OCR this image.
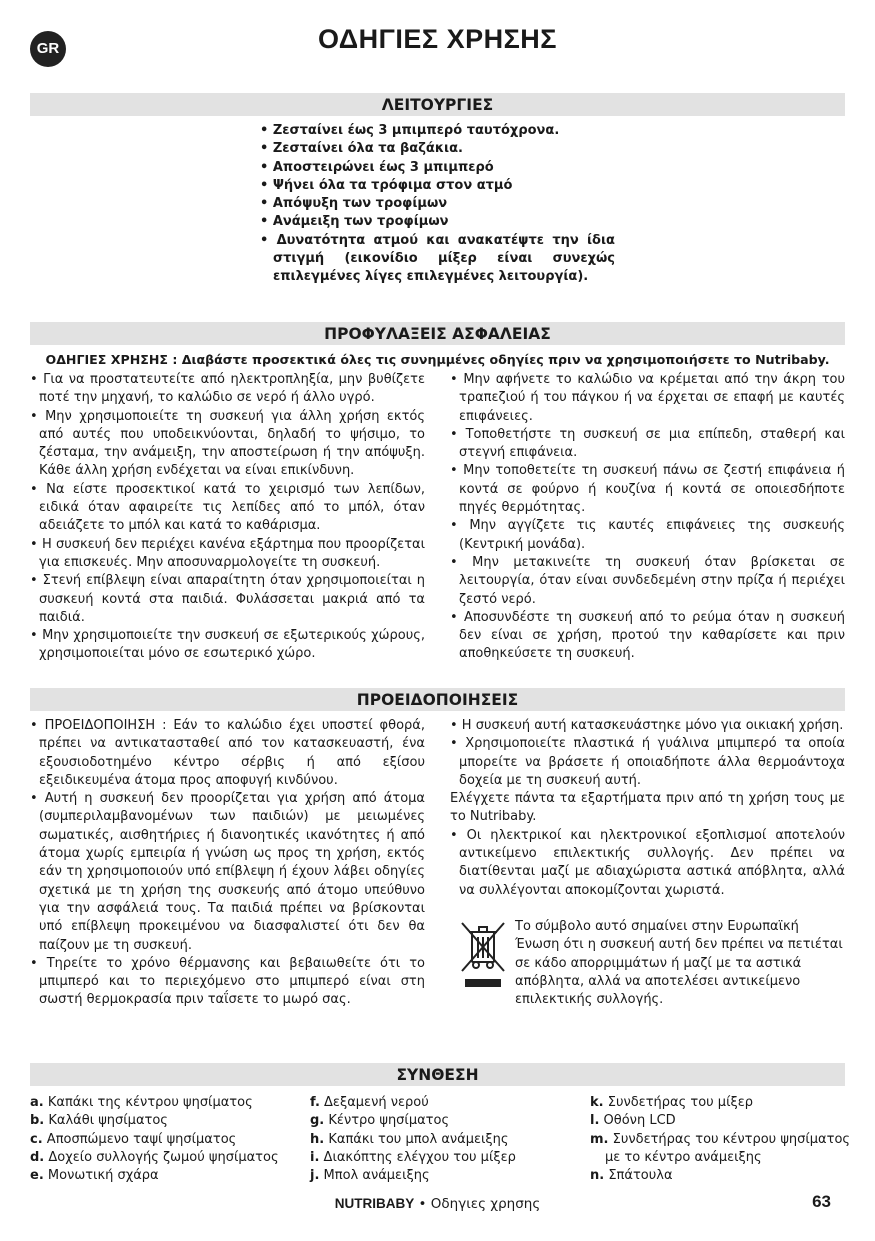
GR	ΟΔΗΓΙΕΣ ΧΡΗΣΗΣ
ΛΕΙΤΟΥΡΓΙΕΣ
• Ζεσταίνει έως 3 μπιμπερό ταυτόχρονα.
• Ζεσταίνει όλα τα βαζάκια.
• Αποστειρώνει έως 3 μπιμπερό
• Ψήνει όλα τα τρόφιμα στον ατμό
• Απόψυξη των τροφίμων
• Ανάμειξη των τροφίμων
• Δυνατότητα ατμού και ανακατέψτε την ίδια στιγμή (εικονίδιο μίξερ είναι συνεχώς επιλεγμένες λίγες επιλεγμένες λειτουργία).
ΠΡΟΦΥΛΑΞΕΙΣ ΑΣΦΑΛΕΙΑΣ
ΟΔΗΓΙΕΣ ΧΡΗΣΗΣ : Διαβάστε προσεκτικά όλες τις συνημμένες οδηγίες πριν να χρησιμοποιήσετε το Nutribaby.
• Για να προστατευτείτε από ηλεκτροπληξία, μην βυθίζετε ποτέ την μηχανή, το καλώδιο σε νερό ή άλλο υγρό.
• Μην χρησιμοποιείτε τη συσκευή για άλλη χρήση εκτός από αυτές που υποδεικνύονται, δηλαδή το ψήσιμο, το ζέσταμα, την ανάμειξη, την αποστείρωση ή την απόψυξη. Κάθε άλλη χρήση ενδέχεται να είναι επικίνδυνη.
• Να είστε προσεκτικοί κατά το χειρισμό των λεπίδων, ειδικά όταν αφαιρείτε τις λεπίδες από το μπόλ, όταν αδειάζετε το μπόλ και κατά το καθάρισμα.
• Η συσκευή δεν περιέχει κανένα εξάρτημα που προορίζεται για επισκευές. Μην αποσυναρμολογείτε τη συσκευή.
• Στενή επίβλεψη είναι απαραίτητη όταν χρησιμοποιείται η συσκευή κοντά στα παιδιά. Φυλάσσεται μακριά από τα παιδιά.
• Μην χρησιμοποιείτε την συσκευή σε εξωτερικούς χώρους, χρησιμοποιείται μόνο σε εσωτερικό χώρο.
• Μην αφήνετε το καλώδιο να κρέμεται από την άκρη του τραπεζιού ή του πάγκου ή να έρχεται σε επαφή με καυτές επιφάνειες.
• Τοποθετήστε τη συσκευή σε μια επίπεδη, σταθερή και στεγνή επιφάνεια.
• Μην τοποθετείτε τη συσκευή πάνω σε ζεστή επιφάνεια ή κοντά σε φούρνο ή κουζίνα ή κοντά σε οποιεσδήποτε πηγές θερμότητας.
• Μην αγγίζετε τις καυτές επιφάνειες της συσκευής (Κεντρική μονάδα).
• Μην μετακινείτε τη συσκευή όταν βρίσκεται σε λειτουργία, όταν είναι συνδεδεμένη στην πρίζα ή περιέχει ζεστό νερό.
• Αποσυνδέστε τη συσκευή από το ρεύμα όταν η συσκευή δεν είναι σε χρήση, προτού την καθαρίσετε και πριν αποθηκεύσετε τη συσκευή.
ΠΡΟΕΙΔΟΠΟΙΗΣΕΙΣ
• ΠΡΟΕΙΔΟΠΟΙΗΣΗ : Εάν το καλώδιο έχει υποστεί φθορά, πρέπει να αντικατασταθεί από τον κατασκευαστή, ένα εξουσιοδοτημένο κέντρο σέρβις ή από εξίσου εξειδικευμένα άτομα προς αποφυγή κινδύνου.
• Αυτή η συσκευή δεν προορίζεται για χρήση από άτομα (συμπεριλαμβανομένων των παιδιών) με μειωμένες σωματικές, αισθητήριες ή διανοητικές ικανότητες ή από άτομα χωρίς εμπειρία ή γνώση ως προς τη χρήση, εκτός εάν τη χρησιμοποιούν υπό επίβλεψη ή έχουν λάβει οδηγίες σχετικά με τη χρήση της συσκευής από άτομο υπεύθυνο για την ασφάλειά τους. Τα παιδιά πρέπει να βρίσκονται υπό επίβλεψη προκειμένου να διασφαλιστεί ότι δεν θα παίζουν με τη συσκευή.
• Τηρείτε το χρόνο θέρμανσης και βεβαιωθείτε ότι το μπιμπερό και το περιεχόμενο στο μπιμπερό είναι στη σωστή θερμοκρασία πριν ταΐσετε το μωρό σας.
• Η συσκευή αυτή κατασκευάστηκε μόνο για οικιακή χρήση.
• Χρησιμοποιείτε πλαστικά ή γυάλινα μπιμπερό τα οποία μπορείτε να βράσετε ή οποιαδήποτε άλλα θερμοάντοχα δοχεία με τη συσκευή αυτή.

Ελέγχετε πάντα τα εξαρτήματα πριν από τη χρήση τους με το Nutribaby.

• Οι ηλεκτρικοί και ηλεκτρονικοί εξοπλισμοί αποτελούν αντικείμενο επιλεκτικής συλλογής. Δεν πρέπει να διατίθενται μαζί με αδιαχώριστα αστικά απόβλητα, αλλά να συλλέγονται αποκομίζονται χωριστά.
Το σύμβολο αυτό σημαίνει στην Ευρωπαϊκή Ένωση ότι η συσκευή αυτή δεν πρέπει να πετιέται σε κάδο απορριμμάτων ή μαζί με τα αστικά απόβλητα, αλλά να αποτελέσει αντικείμενο επιλεκτικής συλλογής.
ΣΥΝΘΕΣΗ
a. Καπάκι της κέντρου ψησίματος
b. Καλάθι ψησίματος
c. Αποσπώμενο ταψί ψησίματος
d. Δοχείο συλλογής ζωμού ψησίματος
e. Μονωτική σχάρα
f. Δεξαμενή νερού
g. Κέντρο ψησίματος
h. Καπάκι του μπολ ανάμειξης
i. Διακόπτης ελέγχου του μίξερ
j. Μπολ ανάμειξης
k. Συνδετήρας του μίξερ
l. Οθόνη LCD
m. Συνδετήρας του κέντρου ψησίματος με το κέντρο ανάμειξης
n. Σπάτουλα
NUTRIBABY • Οδηγιες χρησης	63
